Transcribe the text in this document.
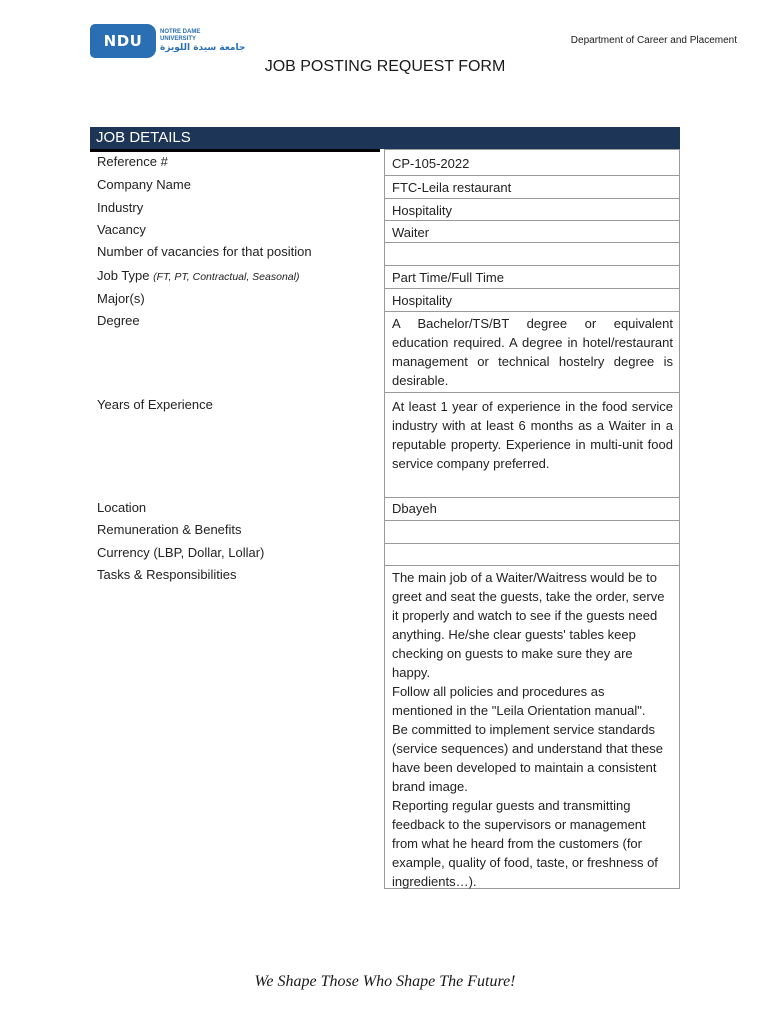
NDU
NOTRE DAME
UNIVERSITY
جامعة سيدة اللويزة
Department of Career and Placement
JOB POSTING REQUEST FORM
JOB DETAILS
Reference #	CP-105-2022
Company Name	FTC-Leila restaurant
Industry	Hospitality
Vacancy	Waiter
Number of vacancies for that position
Job Type (FT, PT, Contractual, Seasonal)	Part Time/Full Time
Major(s)	Hospitality
Degree	A Bachelor/TS/BT degree or equivalent education required. A degree in hotel/restaurant management or technical hostelry degree is desirable.
Years of Experience	At least 1 year of experience in the food service industry with at least 6 months as a Waiter in a reputable property. Experience in multi-unit food service company preferred.
Location	Dbayeh
Remuneration & Benefits
Currency (LBP, Dollar, Lollar)
Tasks & Responsibilities	The main job of a Waiter/Waitress would be to greet and seat the guests, take the order, serve it properly and watch to see if the guests need anything. He/she clear guests' tables keep checking on guests to make sure they are happy.
Follow all policies and procedures as mentioned in the "Leila Orientation manual".
Be committed to implement service standards (service sequences) and understand that these have been developed to maintain a consistent brand image.
Reporting regular guests and transmitting feedback to the supervisors or management from what he heard from the customers (for example, quality of food, taste, or freshness of ingredients…).
We Shape Those Who Shape The Future!
